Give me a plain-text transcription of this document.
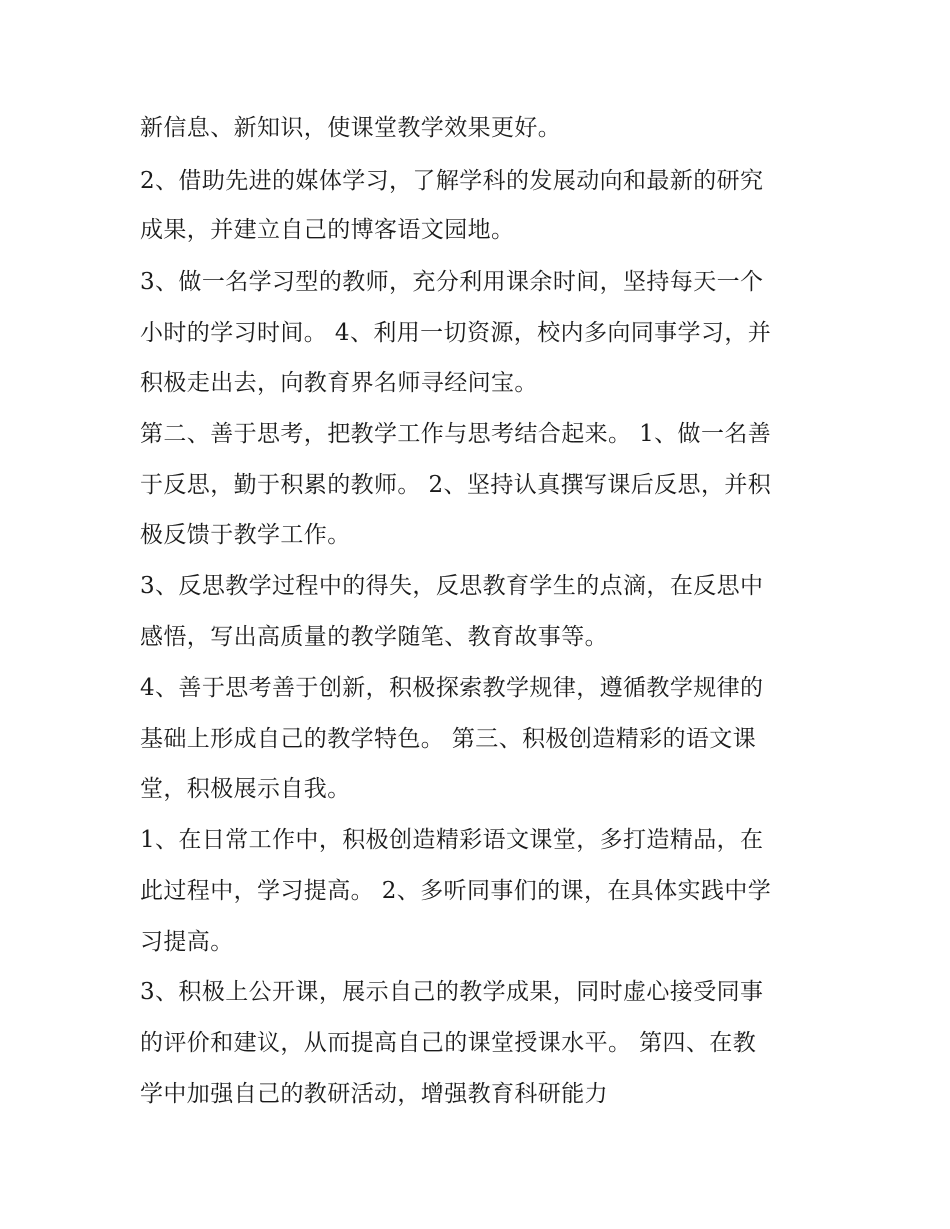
新信息、新知识，使课堂教学效果更好。
2、借助先进的媒体学习，了解学科的发展动向和最新的研究
成果，并建立自己的博客语文园地。
3、做一名学习型的教师，充分利用课余时间，坚持每天一个
小时的学习时间。 4、利用一切资源，校内多向同事学习，并
积极走出去，向教育界名师寻经问宝。
第二、善于思考，把教学工作与思考结合起来。 1、做一名善
于反思，勤于积累的教师。 2、坚持认真撰写课后反思，并积
极反馈于教学工作。
3、反思教学过程中的得失，反思教育学生的点滴，在反思中
感悟，写出高质量的教学随笔、教育故事等。
4、善于思考善于创新，积极探索教学规律，遵循教学规律的
基础上形成自己的教学特色。 第三、积极创造精彩的语文课
堂，积极展示自我。
1、在日常工作中，积极创造精彩语文课堂，多打造精品，在
此过程中，学习提高。 2、多听同事们的课，在具体实践中学
习提高。
3、积极上公开课，展示自己的教学成果，同时虚心接受同事
的评价和建议，从而提高自己的课堂授课水平。 第四、在教
学中加强自己的教研活动，增强教育科研能力
